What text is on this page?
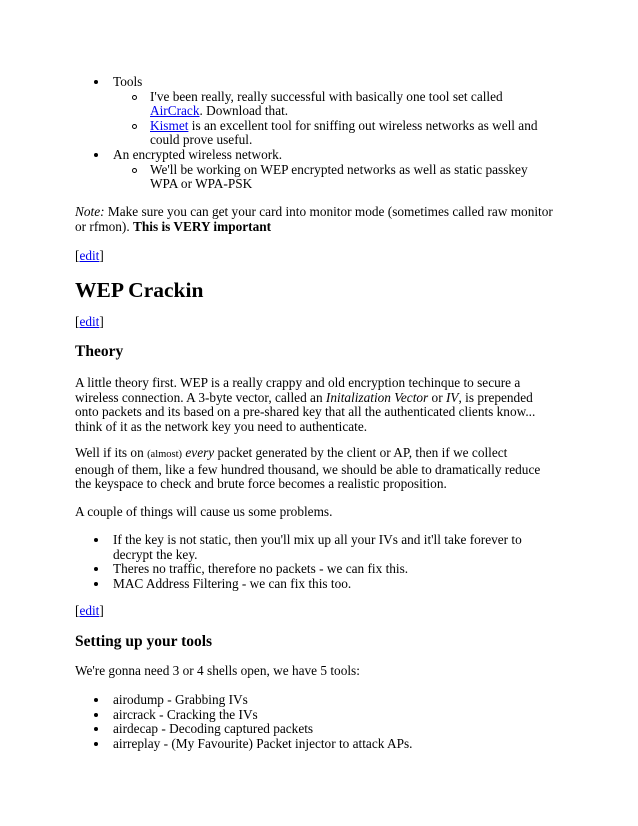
Tools
I've been really, really successful with basically one tool set called AirCrack. Download that.
Kismet is an excellent tool for sniffing out wireless networks as well and could prove useful.
An encrypted wireless network.
We'll be working on WEP encrypted networks as well as static passkey WPA or WPA-PSK

Note: Make sure you can get your card into monitor mode (sometimes called raw monitor or rfmon). This is VERY important

[edit]

WEP Crackin

[edit]

Theory

A little theory first. WEP is a really crappy and old encryption techinque to secure a wireless connection. A 3-byte vector, called an Initalization Vector or IV, is prepended onto packets and its based on a pre-shared key that all the authenticated clients know... think of it as the network key you need to authenticate.

Well if its on (almost) every packet generated by the client or AP, then if we collect enough of them, like a few hundred thousand, we should be able to dramatically reduce the keyspace to check and brute force becomes a realistic proposition.

A couple of things will cause us some problems.

If the key is not static, then you'll mix up all your IVs and it'll take forever to decrypt the key.
Theres no traffic, therefore no packets - we can fix this.
MAC Address Filtering - we can fix this too.

[edit]

Setting up your tools

We're gonna need 3 or 4 shells open, we have 5 tools:

airodump - Grabbing IVs
aircrack - Cracking the IVs
airdecap - Decoding captured packets
airreplay - (My Favourite) Packet injector to attack APs.
